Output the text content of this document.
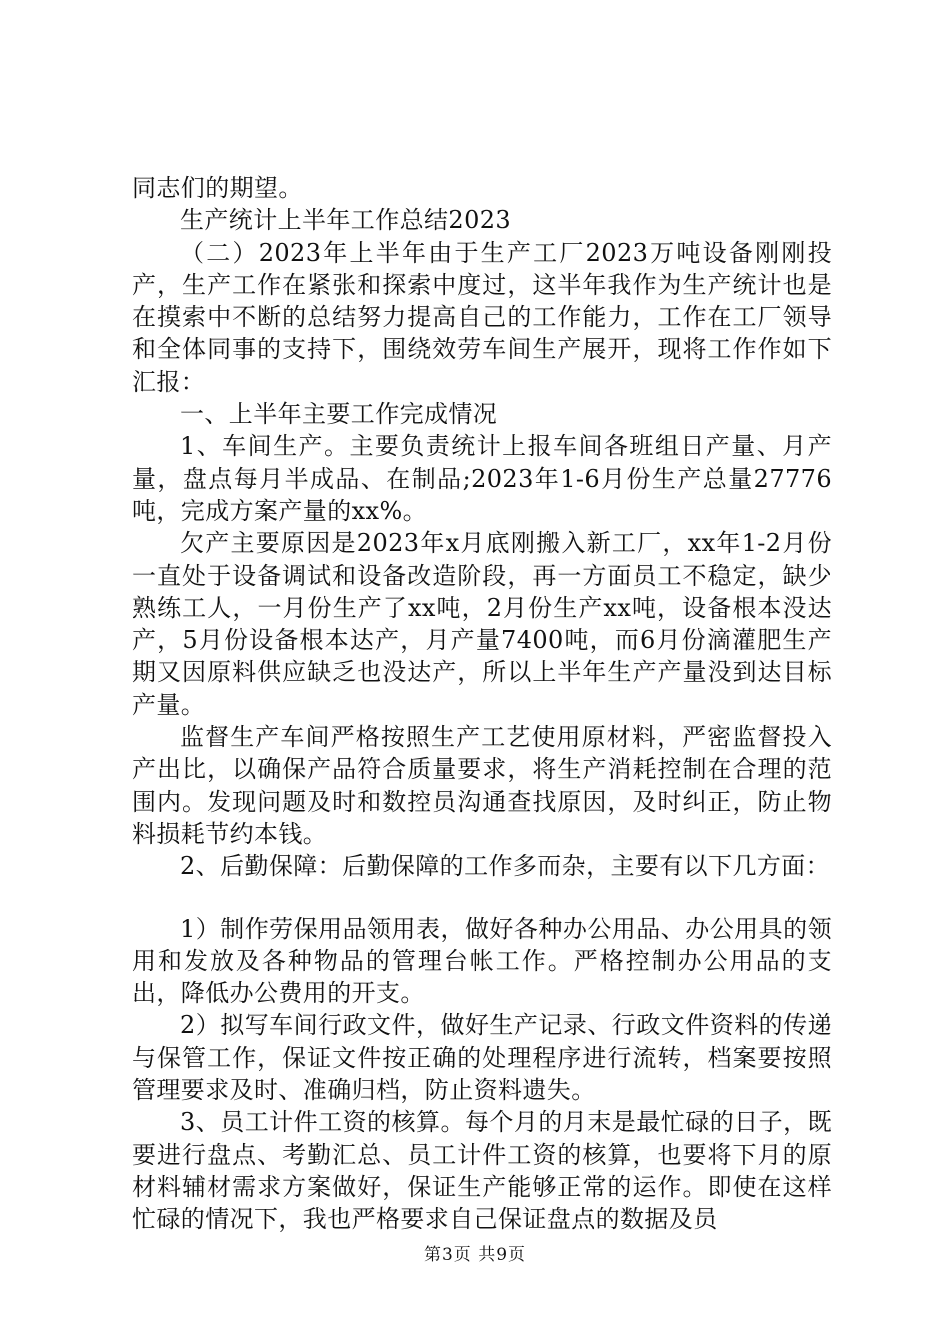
同志们的期望。

生产统计上半年工作总结2023

（二）2023年上半年由于生产工厂2023万吨设备刚刚投产，生产工作在紧张和探索中度过，这半年我作为生产统计也是在摸索中不断的总结努力提高自己的工作能力，工作在工厂领导和全体同事的支持下，围绕效劳车间生产展开，现将工作作如下汇报：

一、上半年主要工作完成情况

1、车间生产。主要负责统计上报车间各班组日产量、月产量，盘点每月半成品、在制品;2023年1-6月份生产总量27776吨，完成方案产量的xx%。

欠产主要原因是2023年x月底刚搬入新工厂，xx年1-2月份一直处于设备调试和设备改造阶段，再一方面员工不稳定，缺少熟练工人，一月份生产了xx吨，2月份生产xx吨，设备根本没达产，5月份设备根本达产，月产量7400吨，而6月份滴灌肥生产期又因原料供应缺乏也没达产，所以上半年生产产量没到达目标产量。

监督生产车间严格按照生产工艺使用原材料，严密监督投入产出比，以确保产品符合质量要求，将生产消耗控制在合理的范围内。发现问题及时和数控员沟通查找原因，及时纠正，防止物料损耗节约本钱。

2、后勤保障：后勤保障的工作多而杂，主要有以下几方面：

1）制作劳保用品领用表，做好各种办公用品、办公用具的领用和发放及各种物品的管理台帐工作。严格控制办公用品的支出，降低办公费用的开支。

2）拟写车间行政文件，做好生产记录、行政文件资料的传递与保管工作，保证文件按正确的处理程序进行流转，档案要按照管理要求及时、准确归档，防止资料遗失。

3、员工计件工资的核算。每个月的月末是最忙碌的日子，既要进行盘点、考勤汇总、员工计件工资的核算，也要将下月的原材料辅材需求方案做好，保证生产能够正常的运作。即使在这样忙碌的情况下，我也严格要求自己保证盘点的数据及员

第3页 共9页
